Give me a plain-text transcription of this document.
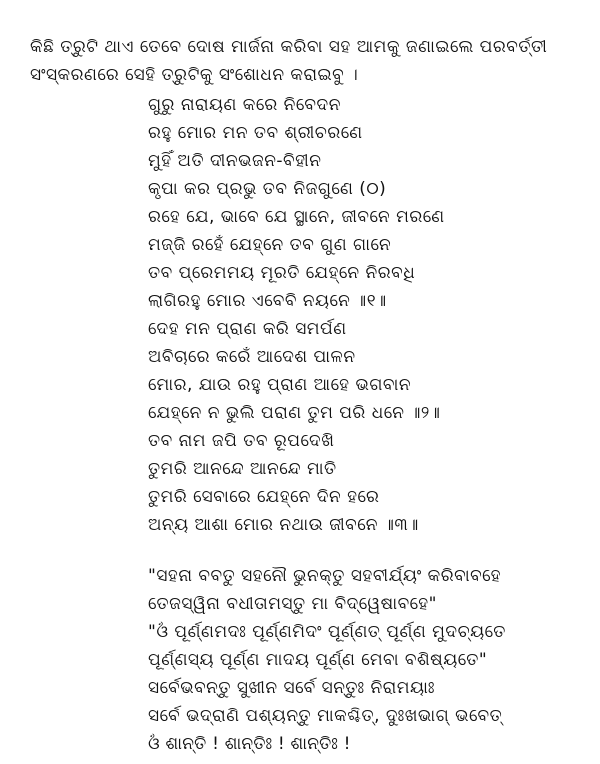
କିଛି ତ୍ରୁଟି ଥାଏ ତେବେ ଦୋଷ ମାର୍ଜନା କରିବା ସହ ଆମକୁ ଜଣାଇଲେ ପରବର୍ତ୍ତୀ
ସଂସ୍କରଣରେ ସେହି ତ୍ରୁଟିକୁ ସଂଶୋଧନ କରାଇବୁ ।
ଗୁରୁ ନାରାୟଣ କରେ ନିବେଦନ
ରହୁ ମୋର ମନ ତବ ଶ୍ରୀଚରଣେ
ମୁହିଁ ଅତି ଦୀନଭଜନ-ବିହୀନ
କୃପା କର ପ୍ରଭୁ ତବ ନିଜଗୁଣେ (୦)
ରହେ ଯେ, ଭାବେ ଯେ ସ୍ଥାନେ, ଜୀବନେ ମରଣେ
ମଜ୍ଜି ରହେଁ ଯେହ୍ନେ ତବ ଗୁଣ ଗାନେ
ତବ ପ୍ରେମମୟ ମୂରତି ଯେହ୍ନେ ନିରବଧି
ଲାଗିରହୁ ମୋର ଏବେବି ନୟନେ ॥୧॥
ଦେହ ମନ ପ୍ରାଣ କରି ସମର୍ପଣ
ଅବିଚାରେ କରେଁ ଆଦେଶ ପାଳନ
ମୋର, ଯାଉ ରହୁ ପ୍ରାଣ ଆହେ ଭଗବାନ
ଯେହ୍ନେ ନ ଭୁଲି ପରାଣ ତୁମ ପରି ଧନେ ॥୨॥
ତବ ନାମ ଜପି ତବ ରୂପଦେଖି
ତୁମରି ଆନନ୍ଦେ ଆନନ୍ଦେ ମାତି
ତୁମରି ସେବାରେ ଯେହ୍ନେ ଦିନ ହରେ
ଅନ୍ୟ ଆଶା ମୋର ନଥାଉ ଜୀବନେ ॥୩॥
"ସହନା ବବତୁ ସହନୌ ଭୁନକ୍ତୁ ସହବୀର୍ଯ୍ୟଂ କରିବାବହେ
ତେଜସ୍ୱିନା ବଧୀତାମସ୍ତୁ ମା ବିଦ୍ୱେଷାବହେ"
"ଓଁ ପୂର୍ଣ୍ଣମଦଃ ପୂର୍ଣ୍ଣମିଦଂ ପୂର୍ଣ୍ଣତ୍ ପୂର୍ଣ୍ଣ ମୁଦଚ୍ୟତେ
ପୂର୍ଣ୍ଣସ୍ୟ ପୂର୍ଣ୍ଣ ମାଦୟ ପୂର୍ଣ୍ଣ ମେବା ବଶିଷ୍ୟତେ"
ସର୍ବେଭବନ୍ତୁ ସୁଖୀନ ସର୍ବେ ସନ୍ତୁଃ ନିରାମୟାଃ
ସର୍ବେ ଭଦ୍ରାଣି ପଶ୍ୟନ୍ତୁ ମାକଶ୍ଚିତ୍, ଦୁଃଖଭାଗ୍ ଭବେତ୍
ଓଁ ଶାନ୍ତି ! ଶାନ୍ତିଃ ! ଶାନ୍ତିଃ !
